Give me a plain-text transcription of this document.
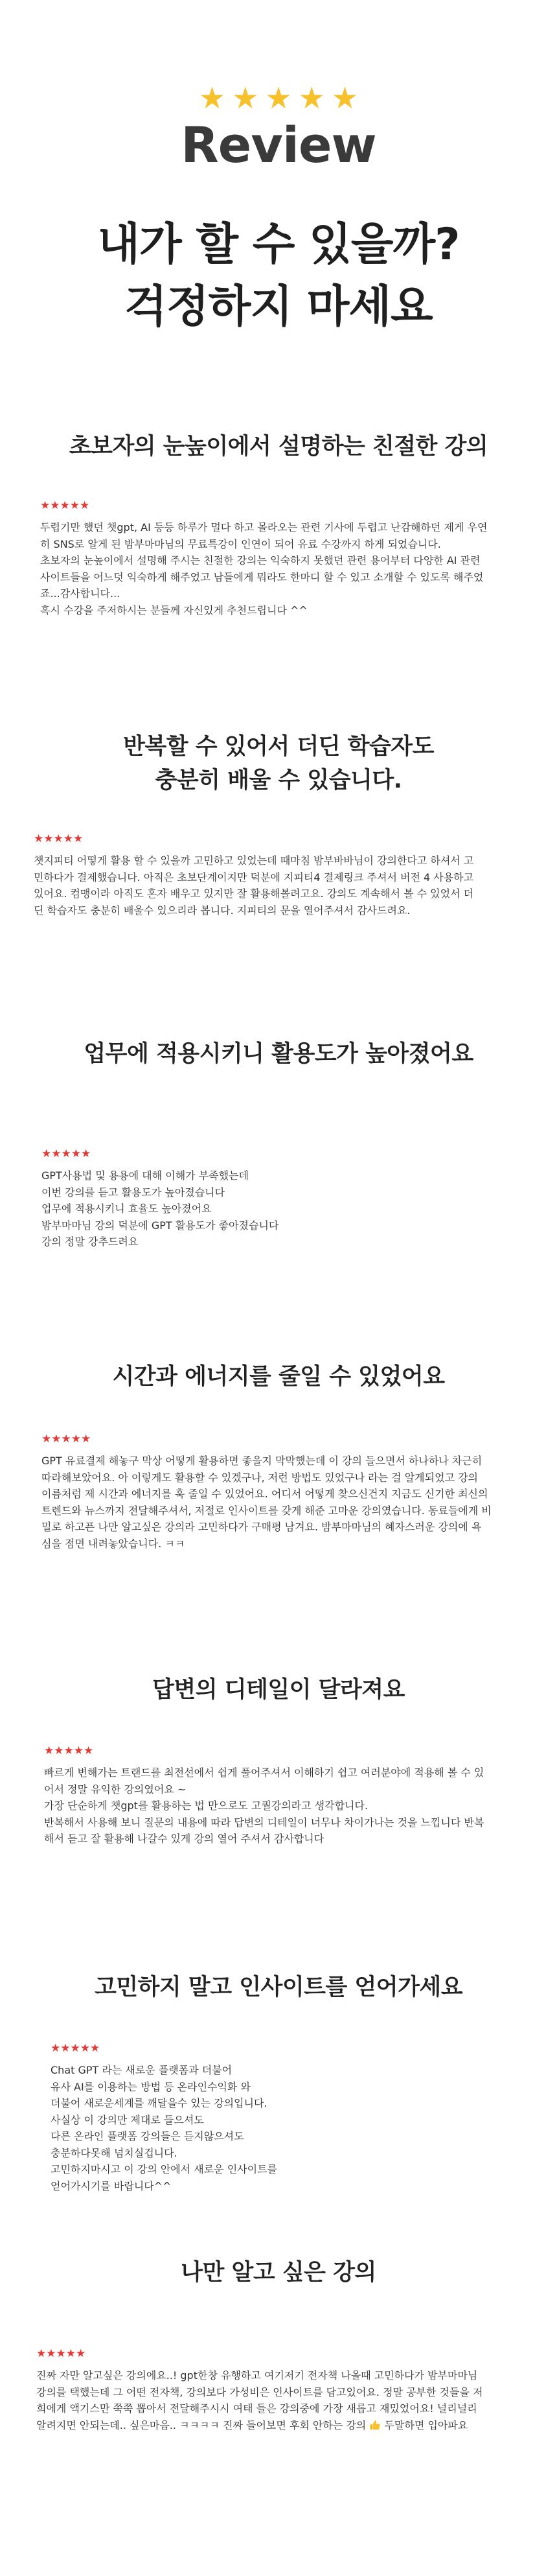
★ ★ ★ ★ ★
Review
내가 할 수 있을까?
걱정하지 마세요
초보자의 눈높이에서 설명하는 친절한 강의
★★★★★

두렵기만 했던 챗gpt, AI 등등 하루가 멀다 하고 몰라오는 관련 기사에 두렵고 난감해하던 제게 우연

히 SNS로 알게 된 밤부마마님의 무료특강이 인연이 되어 유료 수강까지 하게 되었습니다.

초보자의 눈높이에서 설명해 주시는 친절한 강의는 익숙하지 못했던 관련 용어부터 다양한 AI 관련

사이트들을 어느덧 익숙하게 해주었고 남들에게 뭐라도 한마디 할 수 있고 소개할 수 있도록 해주었

죠...감사합니다...

혹시 수강을 주저하시는 분들께 자신있게 추천드립니다 ^^

반복할 수 있어서 더딘 학습자도
충분히 배울 수 있습니다.
★★★★★

챗지피티 어떻게 활용 할 수 있을까 고민하고 있었는데 때마침 밤부바바님이 강의한다고 하셔서 고

민하다가 결제했습니다. 아직은 초보단계이지만 덕분에 지피티4 결제링크 주셔서 버전 4 사용하고

있어요. 컴맹이라 아직도 혼자 배우고 있지만 잘 활용해볼려고요. 강의도 계속해서 볼 수 있었서 더

딘 학습자도 충분히 배울수 있으리라 봅니다. 지피티의 문을 열어주셔서 감사드려요.

업무에 적용시키니 활용도가 높아졌어요
★★★★★

GPT사용법 및 용용에 대해 이해가 부족했는데

이번 강의를 듣고 활용도가 높아졌습니다

업무에 적용시키니 효율도 높아졌어요

밤부마마님 강의 덕분에 GPT 활용도가 좋아졌습니다

강의 정말 강추드려요

시간과 에너지를 줄일 수 있었어요
★★★★★

GPT 유료결제 해놓구 막상 어떻게 활용하면 좋을지 막막했는데 이 강의 들으면서 하나하나 차근히

따라해보았어요. 아 이렇게도 활용할 수 있겠구나, 저런 방법도 있었구나 라는 걸 알게되었고 강의

이름처럼 제 시간과 에너지를 훅 줄일 수 있었어요. 어디서 어떻게 찾으신건지 지금도 신기한 최신의

트렌드와 뉴스까지 전달해주셔서, 저절로 인사이트를 갖게 해준 고마운 강의였습니다. 동료들에게 비

밀로 하고픈 나만 알고싶은 강의라 고민하다가 구매평 남겨요. 밤부마마님의 혜자스러운 강의에 욕

심을 점면 내려놓았습니다. ㅋㅋ

답변의 디테일이 달라져요
★★★★★

빠르게 변해가는 트랜드를 최전선에서 쉽게 풀어주셔서 이해하기 쉽고 여러분야에 적용해 볼 수 있

어서 정말 유익한 강의였어요 ~

가장 단순하게 챗gpt를 활용하는 법 만으로도 고퀄강의라고 생각합니다.

반복해서 사용해 보니 질문의 내용에 따라 답변의 디테일이 너무나 차이가나는 것을 느낍니다 반복

해서 듣고 잘 활용해 나갈수 있게 강의 열어 주셔서 감사합니다

고민하지 말고 인사이트를 얻어가세요
★★★★★

Chat GPT 라는 새로운 플랫폼과 더불어

유사 AI를 이용하는 방법 등 온라인수익화 와

더불어 새로운세계를 깨달을수 있는 강의입니다.

사실상 이 강의만 제대로 들으셔도

다른 온라인 플랫폼 강의들은 듣지않으셔도

충분하다못해 넘치실겁니다.

고민하지마시고 이 강의 안에서 새로운 인사이트를

얻어가시기를 바랍니다^^

나만 알고 싶은 강의
★★★★★

진짜 자만 알고싶은 강의에요..! gpt한창 유행하고 여기저기 전자책 나올때 고민하다가 밤부마마님

강의를 택했는데 그 어떤 전자책, 강의보다 가성비은 인사이트를 담고있어요. 정말 공부한 것들을 저

희에게 액기스만 쭉쭉 뽑아서 전달해주시시 여태 들은 강의중에 가장 새롭고 재밌었어요! 널리널리

알려지면 안되는데.. 싶은마음.. ㅋㅋㅋㅋ 진짜 들어보면 후회 안하는 강의 두말하면 입아파요
